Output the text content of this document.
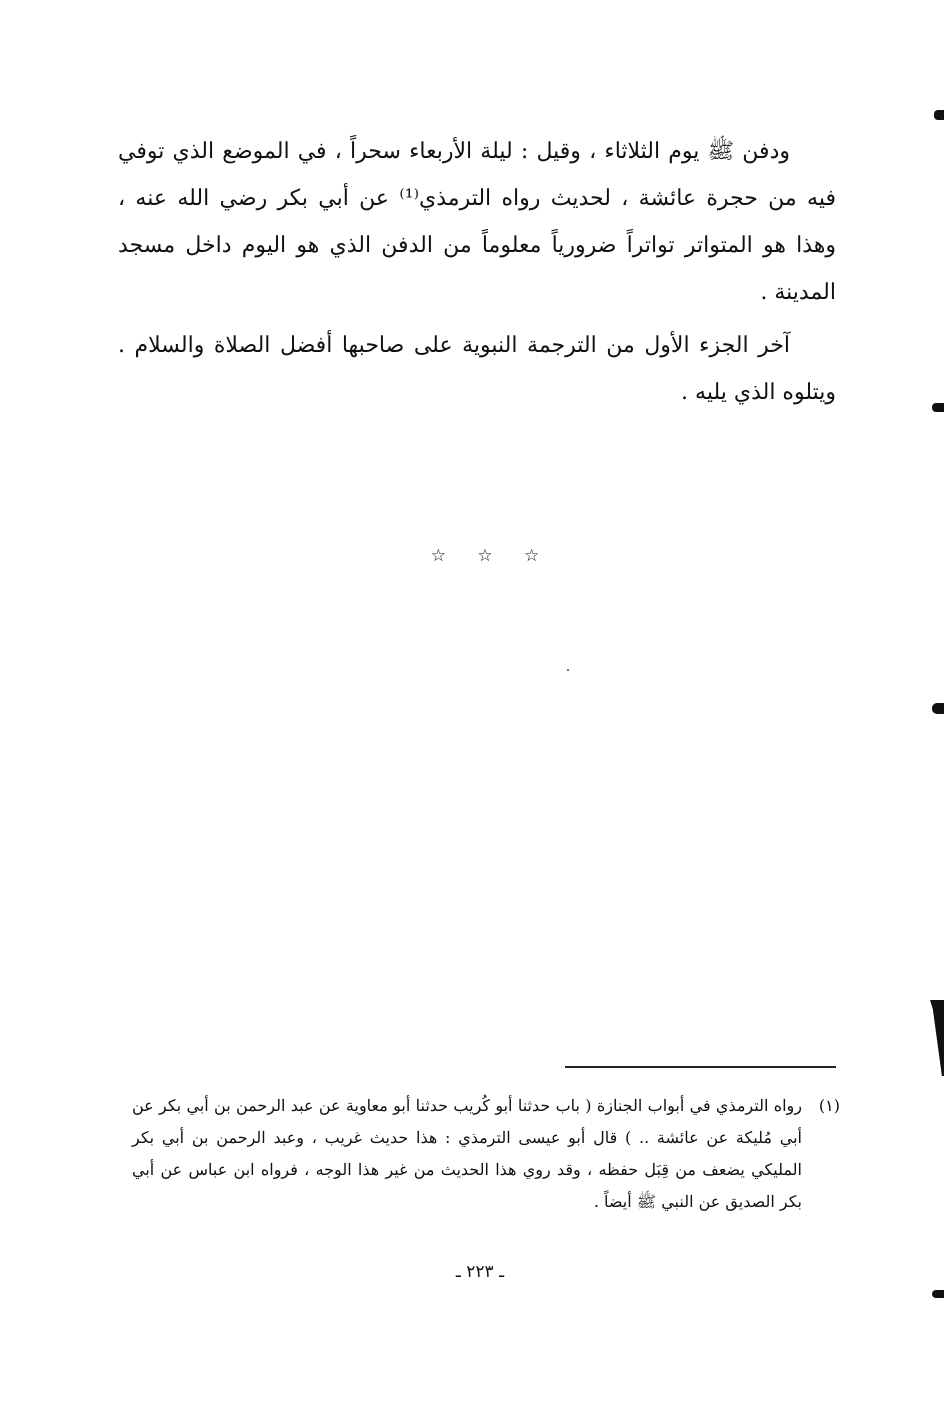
ودفن ﷺ يوم الثلاثاء ، وقيل : ليلة الأربعاء سحراً ، في الموضع الذي توفي فيه من حجرة عائشة ، لحديث رواه الترمذي⁽¹⁾ عن أبي بكر رضي الله عنه ، وهذا هو المتواتر تواتراً ضرورياً معلوماً من الدفن الذي هو اليوم داخل مسجد المدينة .

آخر الجزء الأول من الترجمة النبوية على صاحبها أفضل الصلاة والسلام . ويتلوه الذي يليه .

☆ ☆ ☆
(١)
رواه الترمذي في أبواب الجنازة ( باب حدثنا أبو كُريب حدثنا أبو معاوية عن عبد الرحمن بن أبي بكر عن أبي مُليكة عن عائشة .. ) قال أبو عيسى الترمذي : هذا حديث غريب ، وعبد الرحمن بن أبي بكر المليكي يضعف من قِبَل حفظه ، وقد روي هذا الحديث من غير هذا الوجه ، فرواه ابن عباس عن أبي بكر الصديق عن النبي ﷺ أيضاً .
ـ ٢٢٣ ـ
